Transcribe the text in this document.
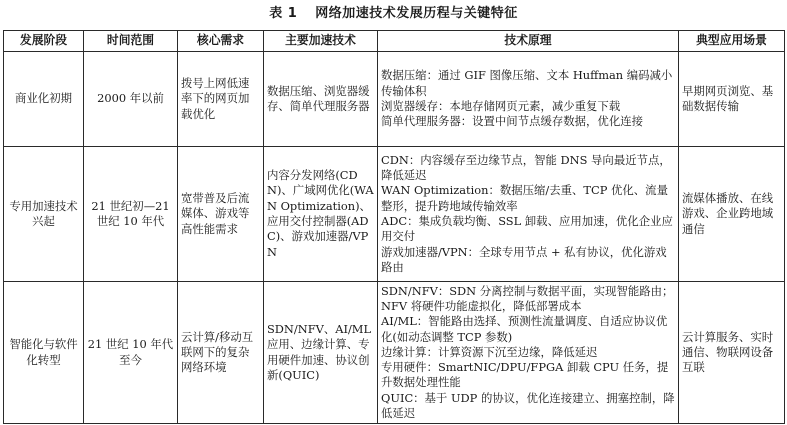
表 1 网络加速技术发展历程与关键特征
发展阶段	时间范围	核心需求	主要加速技术	技术原理	典型应用场景
商业化初期	2000 年以前	拨号上网低速率下的网页加载优化	数据压缩、浏览器缓存、简单代理服务器	数据压缩：通过 GIF 图像压缩、文本 Huffman 编码减小传输体积
浏览器缓存：本地存储网页元素，减少重复下载
简单代理服务器：设置中间节点缓存数据，优化连接	早期网页浏览、基础数据传输
专用加速技术兴起	21 世纪初—21 世纪 10 年代	宽带普及后流媒体、游戏等高性能需求	内容分发网络(CDN)、广域网优化(WAN Optimization)、应用交付控制器(ADC)、游戏加速器/VPN	CDN：内容缓存至边缘节点，智能 DNS 导向最近节点，降低延迟
WAN Optimization：数据压缩/去重、TCP 优化、流量整形，提升跨地域传输效率
ADC：集成负载均衡、SSL 卸载、应用加速，优化企业应用交付
游戏加速器/VPN：全球专用节点 + 私有协议，优化游戏路由	流媒体播放、在线游戏、企业跨地域通信
智能化与软件化转型	21 世纪 10 年代至今	云计算/移动互联网下的复杂网络环境	SDN/NFV、AI/ML 应用、边缘计算、专用硬件加速、协议创新(QUIC)	SDN/NFV：SDN 分离控制与数据平面，实现智能路由；NFV 将硬件功能虚拟化，降低部署成本
AI/ML：智能路由选择、预测性流量调度、自适应协议优化(如动态调整 TCP 参数)
边缘计算：计算资源下沉至边缘，降低延迟
专用硬件：SmartNIC/DPU/FPGA 卸载 CPU 任务，提升数据处理性能
QUIC：基于 UDP 的协议，优化连接建立、拥塞控制，降低延迟	云计算服务、实时通信、物联网设备互联
